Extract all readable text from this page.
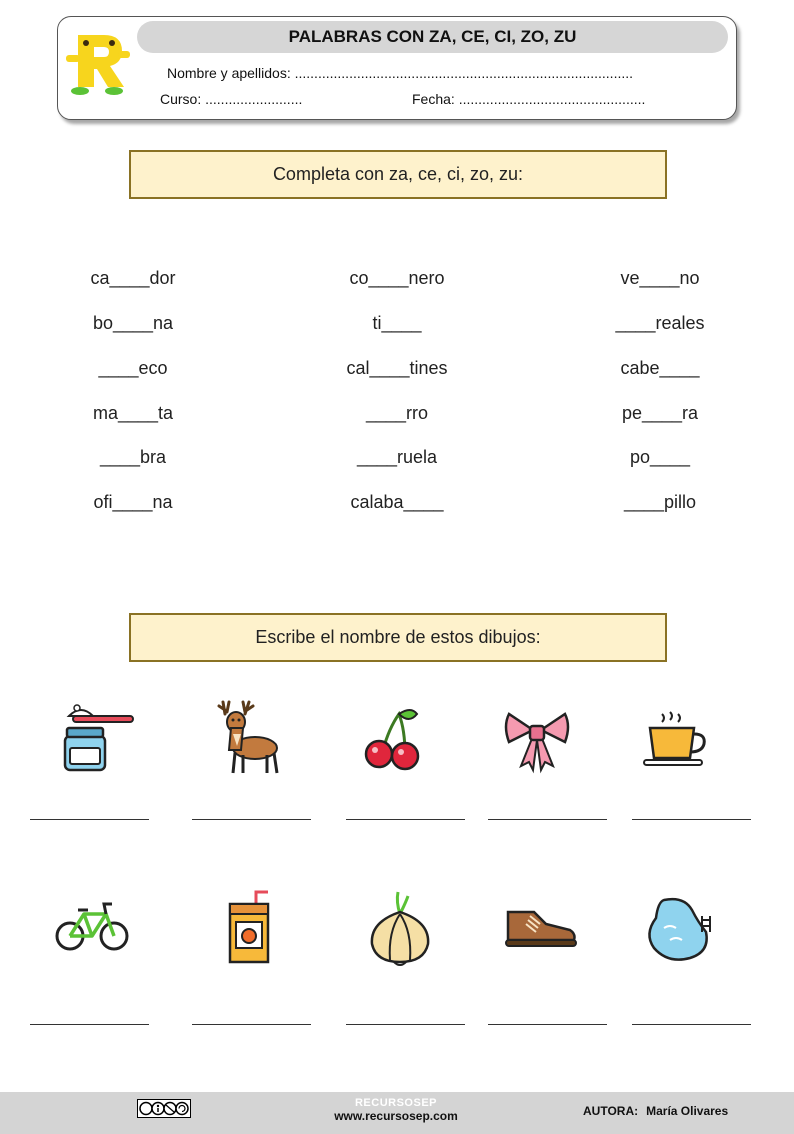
PALABRAS CON ZA, CE, CI, ZO, ZU
Nombre y apellidos: .......................................................................................
Curso: .........................	Fecha: ................................................
Completa con za, ce, ci, zo, zu:
ca____dor
bo____na
____eco
ma____ta
____bra
ofi____na
co____nero
ti____
cal____tines
____rro
____ruela
calaba____
ve____no
____reales
cabe____
pe____ra
po____
____pillo
Escribe el nombre de estos dibujos:
RECURSOSEP
www.recursosep.com	AUTORA: María Olivares
